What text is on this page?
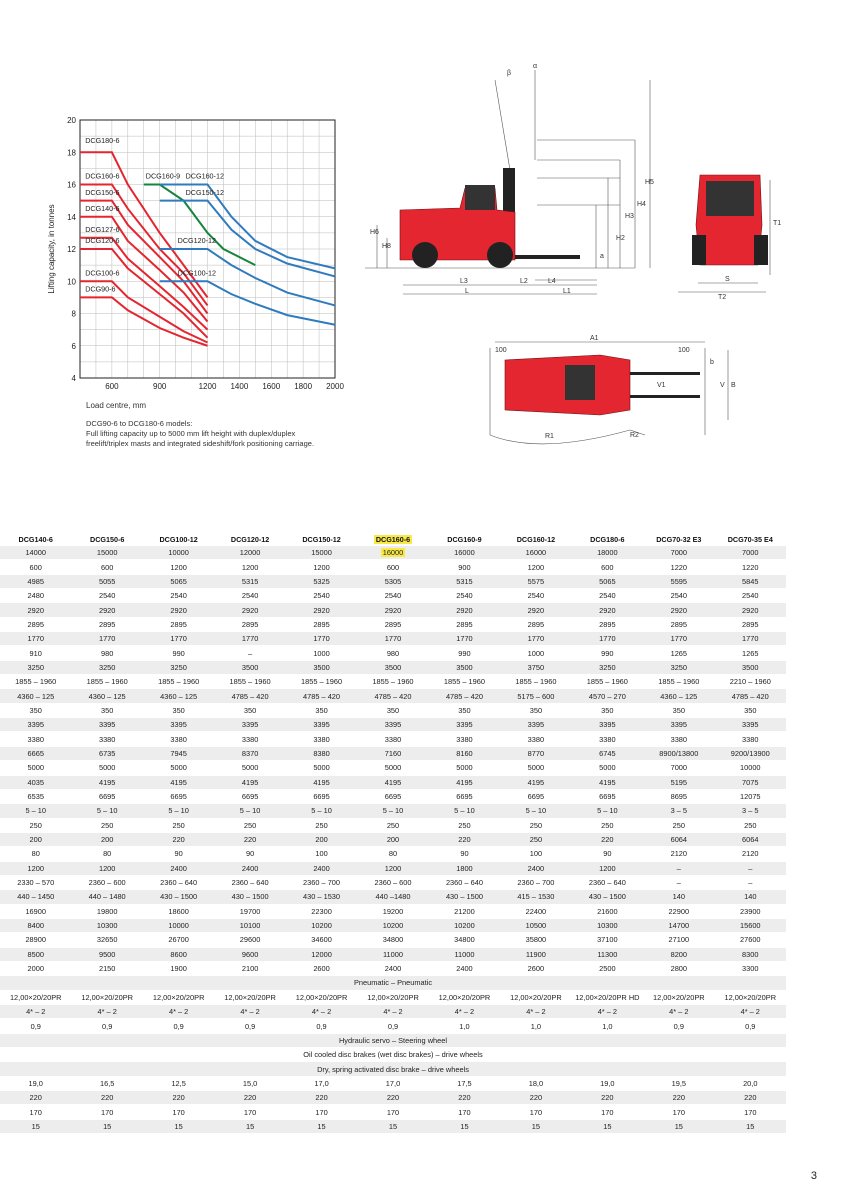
4
6
8
10
12
14
16
18
20
600	900	1200 1400 1600 1800 2000
Lifting capacity, in tonnes
DCG180-6
DCG160-6	DCG160-9 DCG160-12
DCG150-6	DCG150-12
DCG140-6
DCG127-6
DCG120-6	DCG120-12
DCG100-6	DCG100-12
DCG90-6
Load centre, mm
DCG90-6 to DCG180-6 models:
Full lifting capacity up to 5000 mm lift height with duplex/duplex
freelift/triplex masts and integrated sideshift/fork positioning carriage.
β
α
H5
H4
H3
H2
H6
H8
a
L3	L2	L4
L	L1
T1
S
T2
A1
100	100
b
V1	V B
R1	R2
DCG140-6	DCG150-6	DCG100-12	DCG120-12	DCG150-12	DCG160-6	DCG160-9	DCG160-12	DCG180-6	DCG70-32 E3	DCG70-35 E4
14000	15000	10000	12000	15000	16000	16000	16000	18000	7000	7000
600	600	1200	1200	1200	600	900	1200	600	1220	1220
4985	5055	5065	5315	5325	5305	5315	5575	5065	5595	5845
2480	2540	2540	2540	2540	2540	2540	2540	2540	2540	2540
2920	2920	2920	2920	2920	2920	2920	2920	2920	2920	2920
2895	2895	2895	2895	2895	2895	2895	2895	2895	2895	2895
1770	1770	1770	1770	1770	1770	1770	1770	1770	1770	1770
910	980	990	–	1000	980	990	1000	990	1265	1265
3250	3250	3250	3500	3500	3500	3500	3750	3250	3250	3500
1855 – 1960	1855 – 1960	1855 – 1960	1855 – 1960	1855 – 1960	1855 – 1960	1855 – 1960	1855 – 1960	1855 – 1960	1855 – 1960	2210 – 1960
4360 – 125	4360 – 125	4360 – 125	4785 – 420	4785 – 420	4785 – 420	4785 – 420	5175 – 600	4570 – 270	4360 – 125	4785 – 420
350	350	350	350	350	350	350	350	350	350	350
3395	3395	3395	3395	3395	3395	3395	3395	3395	3395	3395
3380	3380	3380	3380	3380	3380	3380	3380	3380	3380	3380
6665	6735	7945	8370	8380	7160	8160	8770	6745	8900/13800	9200/13900
5000	5000	5000	5000	5000	5000	5000	5000	5000	7000	10000
4035	4195	4195	4195	4195	4195	4195	4195	4195	5195	7075
6535	6695	6695	6695	6695	6695	6695	6695	6695	8695	12075
5 – 10	5 – 10	5 – 10	5 – 10	5 – 10	5 – 10	5 – 10	5 – 10	5 – 10	3 – 5	3 – 5
250	250	250	250	250	250	250	250	250	250	250
200	200	220	220	200	200	220	250	220	6064	6064
80	80	90	90	100	80	90	100	90	2120	2120
1200	1200	2400	2400	2400	1200	1800	2400	1200	–	–
2330 – 570	2360 – 600	2360 – 640	2360 – 640	2360 – 700	2360 – 600	2360 – 640	2360 – 700	2360 – 640	–	–
440 – 1450	440 – 1480	430 – 1500	430 – 1500	430 – 1530	440 –1480	430 – 1500	415 – 1530	430 – 1500	140	140
16900	19800	18600	19700	22300	19200	21200	22400	21600	22900	23900
8400	10300	10000	10100	10200	10200	10200	10500	10300	14700	15600
28900	32650	26700	29600	34600	34800	34800	35800	37100	27100	27600
8500	9500	8600	9600	12000	11000	11000	11900	11300	8200	8300
2000	2150	1900	2100	2600	2400	2400	2600	2500	2800	3300
Pneumatic – Pneumatic										
12,00×20/20PR	12,00×20/20PR	12,00×20/20PR	12,00×20/20PR	12,00×20/20PR	12,00×20/20PR	12,00×20/20PR	12,00×20/20PR	12,00×20/20PR HD	12,00×20/20PR	12,00×20/20PR
4* – 2	4* – 2	4* – 2	4* – 2	4* – 2	4* – 2	4* – 2	4* – 2	4* – 2	4* – 2	4* – 2
0,9	0,9	0,9	0,9	0,9	0,9	1,0	1,0	1,0	0,9	0,9
Hydraulic servo – Steering wheel										
Oil cooled disc brakes (wet disc brakes) – drive wheels										
Dry, spring activated disc brake – drive wheels										
19,0	16,5	12,5	15,0	17,0	17,0	17,5	18,0	19,0	19,5	20,0
220	220	220	220	220	220	220	220	220	220	220
170	170	170	170	170	170	170	170	170	170	170
15	15	15	15	15	15	15	15	15	15	15
3
